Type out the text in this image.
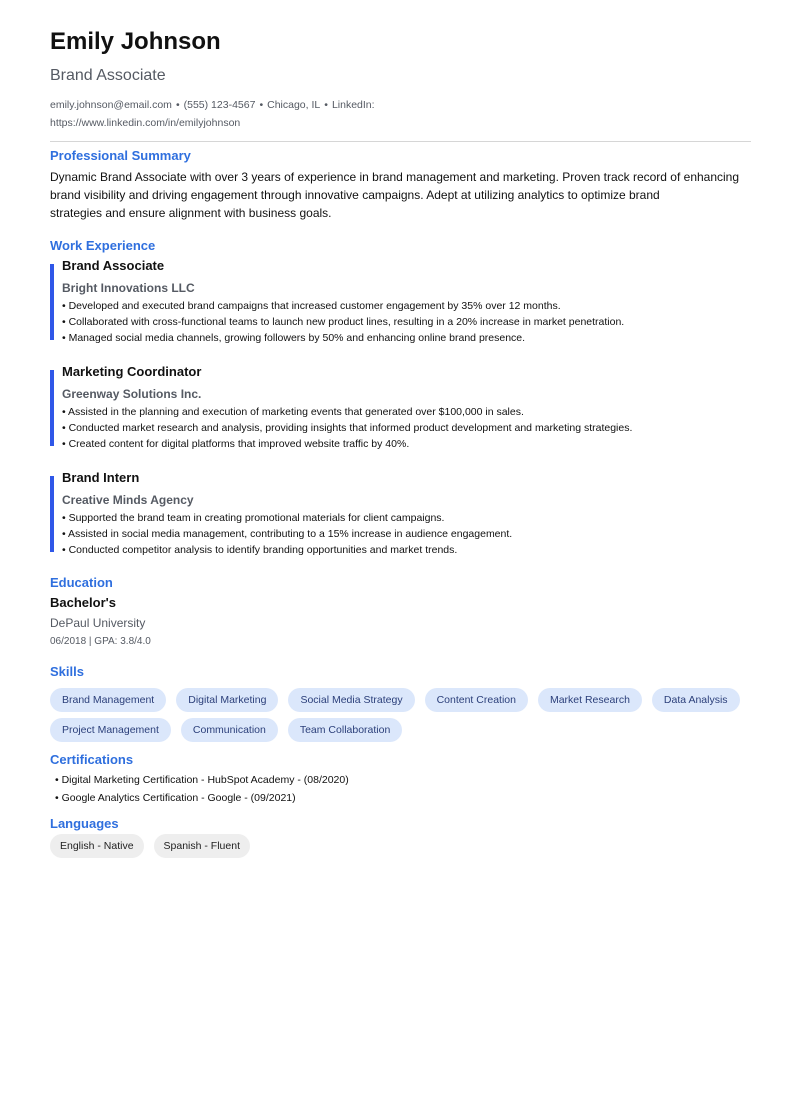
Emily Johnson
Brand Associate
emily.johnson@email.com • (555) 123-4567 • Chicago, IL • LinkedIn:
https://www.linkedin.com/in/emilyjohnson
Professional Summary
Dynamic Brand Associate with over 3 years of experience in brand management and marketing. Proven track record of enhancing
brand visibility and driving engagement through innovative campaigns. Adept at utilizing analytics to optimize brand
strategies and ensure alignment with business goals.
Work Experience
Brand Associate
Bright Innovations LLC
• Developed and executed brand campaigns that increased customer engagement by 35% over 12 months.
• Collaborated with cross-functional teams to launch new product lines, resulting in a 20% increase in market penetration.
• Managed social media channels, growing followers by 50% and enhancing online brand presence.
Marketing Coordinator
Greenway Solutions Inc.
• Assisted in the planning and execution of marketing events that generated over $100,000 in sales.
• Conducted market research and analysis, providing insights that informed product development and marketing strategies.
• Created content for digital platforms that improved website traffic by 40%.
Brand Intern
Creative Minds Agency
• Supported the brand team in creating promotional materials for client campaigns.
• Assisted in social media management, contributing to a 15% increase in audience engagement.
• Conducted competitor analysis to identify branding opportunities and market trends.
Education
Bachelor's
DePaul University
06/2018 | GPA: 3.8/4.0
Skills
Brand Management	Digital Marketing	Social Media Strategy	Content Creation	Market Research	Data Analysis
Project Management	Communication	Team Collaboration
Certifications
• Digital Marketing Certification - HubSpot Academy - (08/2020)
• Google Analytics Certification - Google - (09/2021)
Languages
English - Native	Spanish - Fluent
